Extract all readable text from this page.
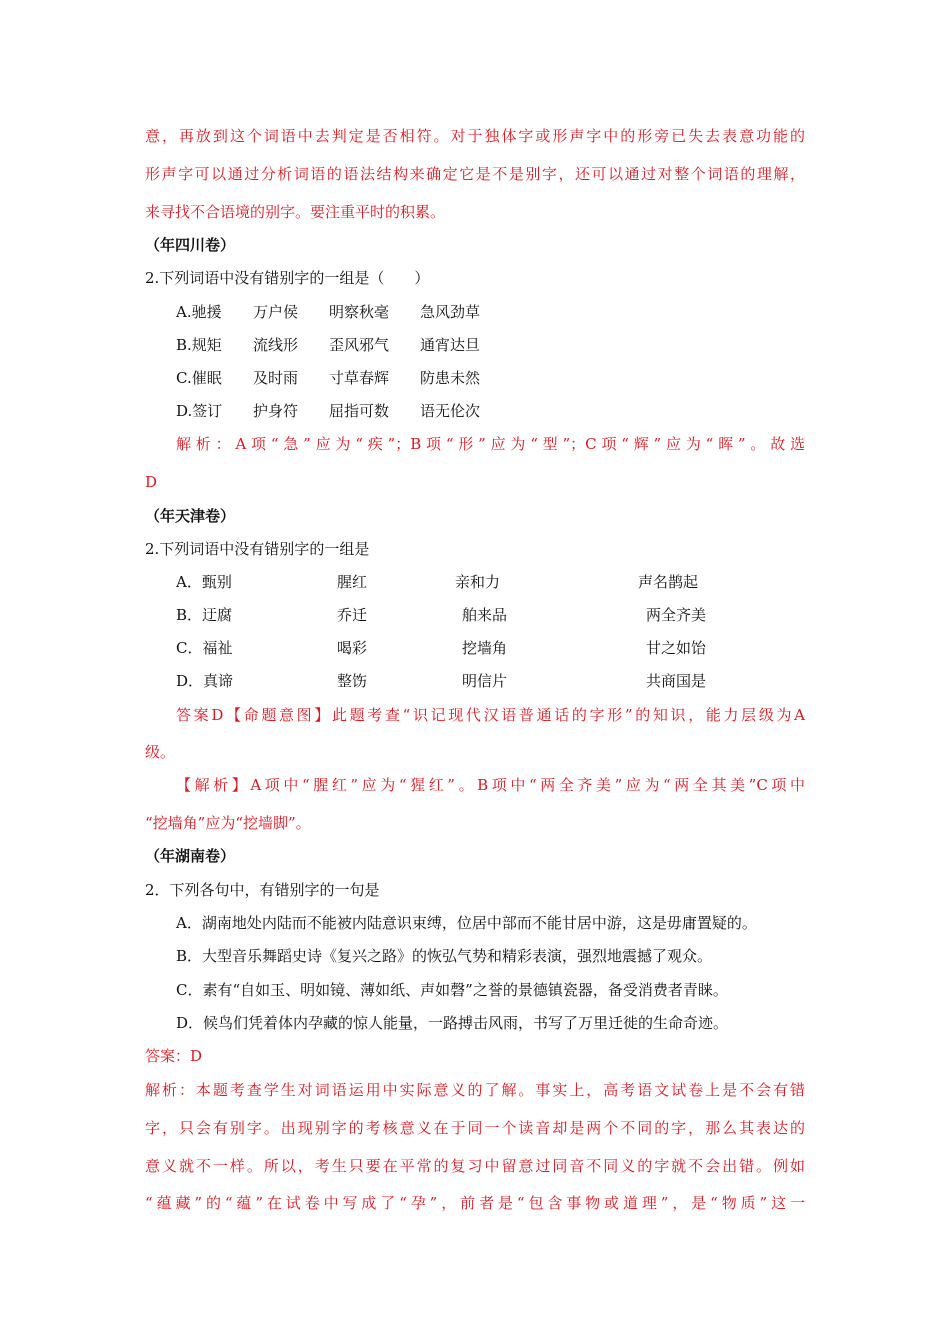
意，再放到这个词语中去判定是否相符。对于独体字或形声字中的形旁已失去表意功能的
形声字可以通过分析词语的语法结构来确定它是不是别字，还可以通过对整个词语的理解，
来寻找不合语境的别字。要注重平时的积累。
（年四川卷）
2.下列词语中没有错别字的一组是（　　）
A.驰援 万户侯 明察秋毫 急风劲草
B.规矩 流线形 歪风邪气 通宵达旦
C.催眠 及时雨 寸草春辉 防患未然
D.签订 护身符 屈指可数 语无伦次
解析：A项“急”应为“疾”；B项“形”应为“型”；C项“辉”应为“晖”。故选
D
（年天津卷）
2.下列词语中没有错别字的一组是
A．甄别	腥红	亲和力	声名鹊起
B．迂腐	乔迁	舶来品	两全齐美
C．福祉	喝彩	挖墙角	甘之如饴
D．真谛	整饬	明信片	共商国是
答案D【命题意图】此题考查“识记现代汉语普通话的字形”的知识，能力层级为A
级。
【解析】A项中“腥红”应为“猩红”。B项中“两全齐美”应为“两全其美”C项中
“挖墙角”应为“挖墙脚”。
（年湖南卷）
2．下列各句中，有错别字的一句是
A．湖南地处内陆而不能被内陆意识束缚，位居中部而不能甘居中游，这是毋庸置疑的。
B．大型音乐舞蹈史诗《复兴之路》的恢弘气势和精彩表演，强烈地震撼了观众。
C．素有“自如玉、明如镜、薄如纸、声如磬”之誉的景德镇瓷器，备受消费者青睐。
D．候鸟们凭着体内孕藏的惊人能量，一路搏击风雨，书写了万里迁徙的生命奇迹。
答案：D
解析：本题考查学生对词语运用中实际意义的了解。事实上，高考语文试卷上是不会有错
字，只会有别字。出现别字的考核意义在于同一个读音却是两个不同的字，那么其表达的
意义就不一样。所以，考生只要在平常的复习中留意过同音不同义的字就不会出错。例如
“蕴藏”的“蕴”在试卷中写成了“孕”，前者是“包含事物或道理”，是“物质”这一
